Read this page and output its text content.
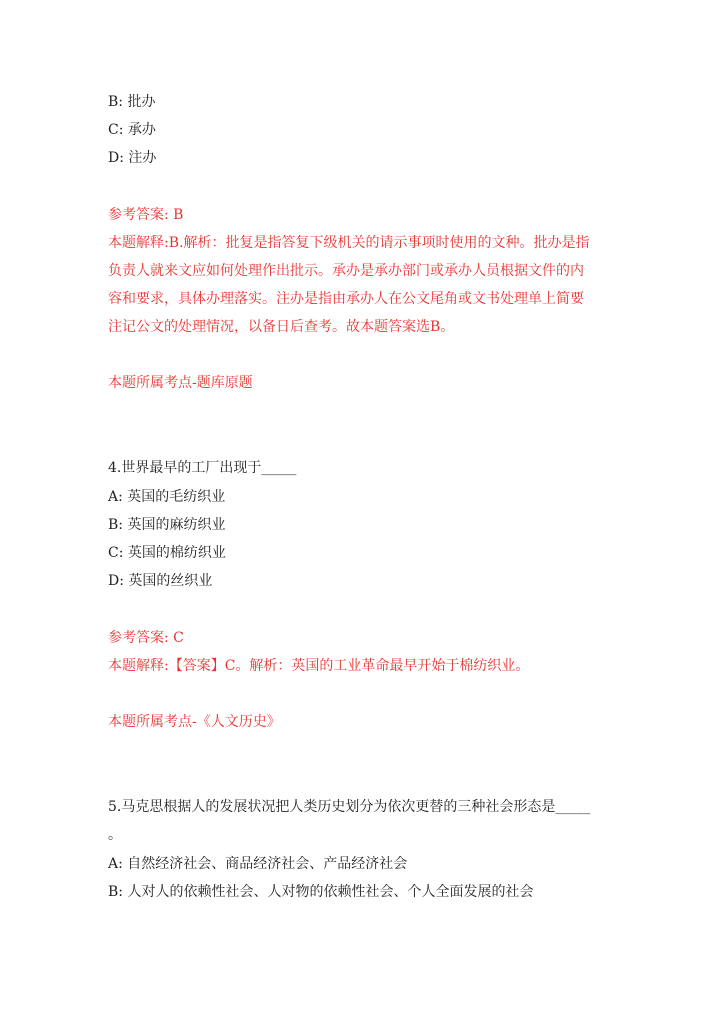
B: 批办
C: 承办
D: 注办
参考答案: B
本题解释:B.解析：批复是指答复下级机关的请示事项时使用的文种。批办是指
负责人就来文应如何处理作出批示。承办是承办部门或承办人员根据文件的内
容和要求，具体办理落实。注办是指由承办人在公文尾角或文书处理单上简要
注记公文的处理情况，以备日后查考。故本题答案选B。
本题所属考点-题库原题
4.世界最早的工厂出现于_____
A: 英国的毛纺织业
B: 英国的麻纺织业
C: 英国的棉纺织业
D: 英国的丝织业
参考答案: C
本题解释:【答案】C。解析：英国的工业革命最早开始于棉纺织业。
本题所属考点-《人文历史》
5.马克思根据人的发展状况把人类历史划分为依次更替的三种社会形态是_____
。
A: 自然经济社会、商品经济社会、产品经济社会
B: 人对人的依赖性社会、人对物的依赖性社会、个人全面发展的社会
